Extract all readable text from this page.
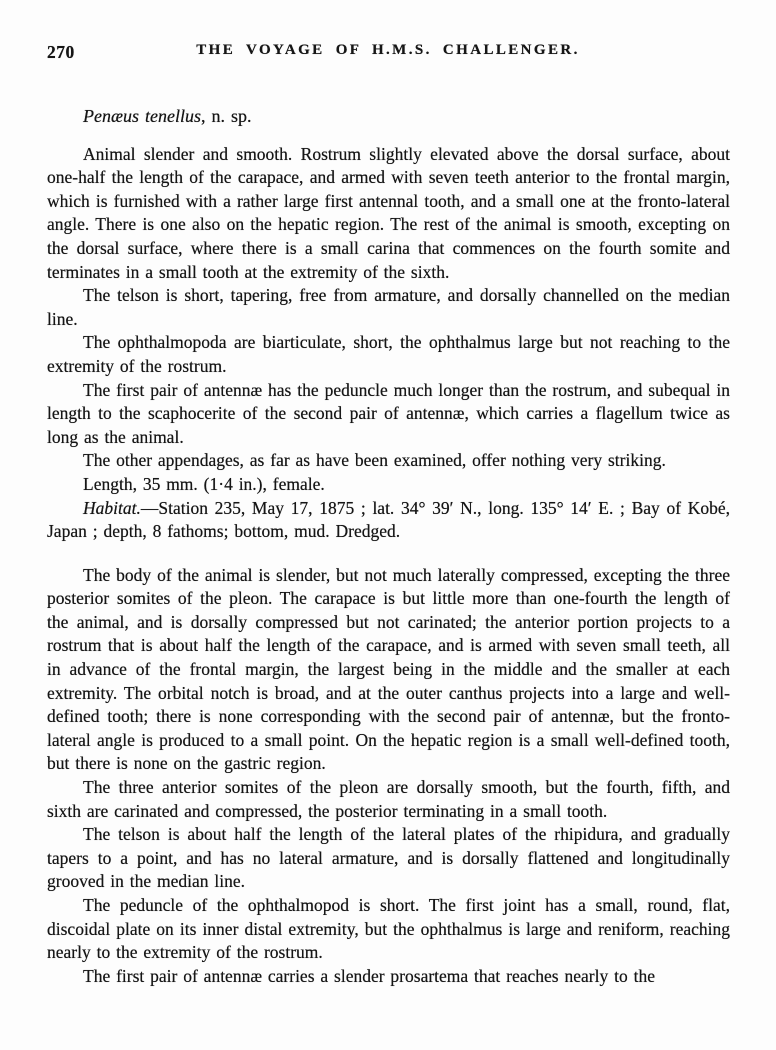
270	THE VOYAGE OF H.M.S. CHALLENGER.

Penæus tenellus, n. sp.

Animal slender and smooth. Rostrum slightly elevated above the dorsal surface, about one-half the length of the carapace, and armed with seven teeth anterior to the frontal margin, which is furnished with a rather large first antennal tooth, and a small one at the fronto-lateral angle. There is one also on the hepatic region. The rest of the animal is smooth, excepting on the dorsal surface, where there is a small carina that commences on the fourth somite and terminates in a small tooth at the extremity of the sixth.

The telson is short, tapering, free from armature, and dorsally channelled on the median line.

The ophthalmopoda are biarticulate, short, the ophthalmus large but not reaching to the extremity of the rostrum.

The first pair of antennæ has the peduncle much longer than the rostrum, and subequal in length to the scaphocerite of the second pair of antennæ, which carries a flagellum twice as long as the animal.

The other appendages, as far as have been examined, offer nothing very striking.

Length, 35 mm. (1·4 in.), female.

Habitat.—Station 235, May 17, 1875 ; lat. 34° 39′ N., long. 135° 14′ E. ; Bay of Kobé, Japan ; depth, 8 fathoms; bottom, mud. Dredged.

The body of the animal is slender, but not much laterally compressed, excepting the three posterior somites of the pleon. The carapace is but little more than one-fourth the length of the animal, and is dorsally compressed but not carinated; the anterior portion projects to a rostrum that is about half the length of the carapace, and is armed with seven small teeth, all in advance of the frontal margin, the largest being in the middle and the smaller at each extremity. The orbital notch is broad, and at the outer canthus projects into a large and well-defined tooth; there is none corresponding with the second pair of antennæ, but the fronto-lateral angle is produced to a small point. On the hepatic region is a small well-defined tooth, but there is none on the gastric region.

The three anterior somites of the pleon are dorsally smooth, but the fourth, fifth, and sixth are carinated and compressed, the posterior terminating in a small tooth.

The telson is about half the length of the lateral plates of the rhipidura, and gradually tapers to a point, and has no lateral armature, and is dorsally flattened and longitudinally grooved in the median line.

The peduncle of the ophthalmopod is short. The first joint has a small, round, flat, discoidal plate on its inner distal extremity, but the ophthalmus is large and reniform, reaching nearly to the extremity of the rostrum.

The first pair of antennæ carries a slender prosartema that reaches nearly to the
